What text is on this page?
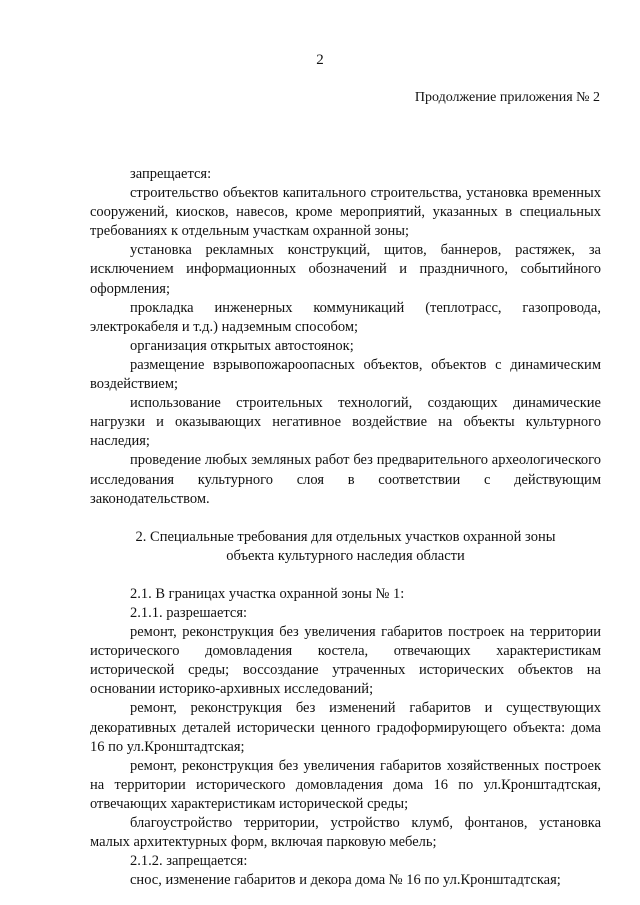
2
Продолжение приложения № 2

запрещается:

строительство объектов капитального строительства, установка временных сооружений, киосков, навесов, кроме мероприятий, указанных в специальных требованиях к отдельным участкам охранной зоны;

установка рекламных конструкций, щитов, баннеров, растяжек, за исключением информационных обозначений и праздничного, событийного оформления;

прокладка инженерных коммуникаций (теплотрасс, газопровода, электрокабеля и т.д.) надземным способом;

организация открытых автостоянок;

размещение взрывопожароопасных объектов, объектов с динамическим воздействием;

использование строительных технологий, создающих динамические нагрузки и оказывающих негативное воздействие на объекты культурного наследия;

проведение любых земляных работ без предварительного археологического исследования культурного слоя в соответствии с действующим законодательством.

2. Специальные требования для отдельных участков охранной зоны
объекта культурного наследия области

2.1. В границах участка охранной зоны № 1:

2.1.1. разрешается:

ремонт, реконструкция без увеличения габаритов построек на территории исторического домовладения костела, отвечающих характеристикам исторической среды; воссоздание утраченных исторических объектов на основании историко-архивных исследований;

ремонт, реконструкция без изменений габаритов и существующих декоративных деталей исторически ценного градоформирующего объекта: дома 16 по ул.Кронштадтская;

ремонт, реконструкция без увеличения габаритов хозяйственных построек на территории исторического домовладения дома 16 по ул.Кронштадтская, отвечающих характеристикам исторической среды;

благоустройство территории, устройство клумб, фонтанов, установка малых архитектурных форм, включая парковую мебель;

2.1.2. запрещается:

снос, изменение габаритов и декора дома № 16 по ул.Кронштадтская;
